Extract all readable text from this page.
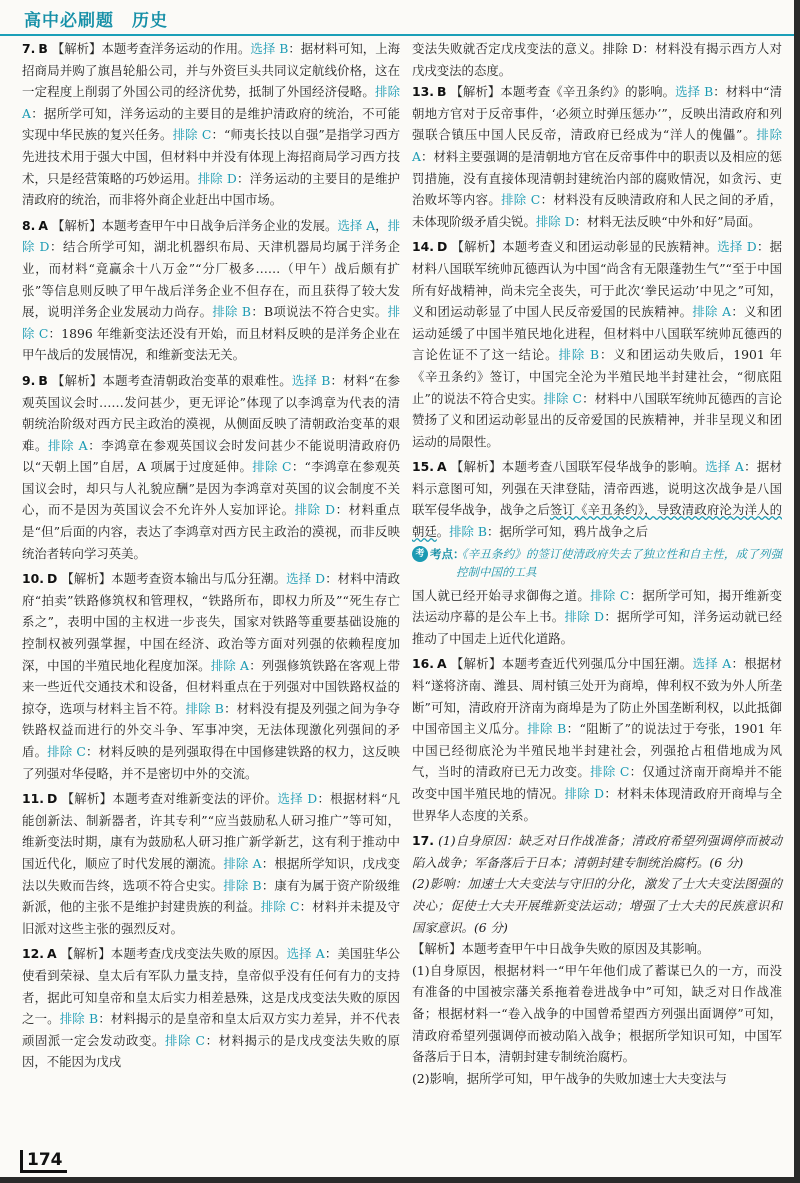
高中必刷题　历史
7. B 【解析】本题考查洋务运动的作用。选择 B：据材料可知，上海招商局并购了旗昌轮船公司，并与外资巨头共同议定航线价格，这在一定程度上削弱了外国公司的经济优势，抵制了外国经济侵略。排除 A：据所学可知，洋务运动的主要目的是维护清政府的统治，不可能实现中华民族的复兴任务。排除 C：“师夷长技以自强”是指学习西方先进技术用于强大中国，但材料中并没有体现上海招商局学习西方技术，只是经营策略的巧妙运用。排除 D：洋务运动的主要目的是维护清政府的统治，而非将外商企业赶出中国市场。
8. A 【解析】本题考查甲午中日战争后洋务企业的发展。选择 A，排除 D：结合所学可知，湖北机器织布局、天津机器局均属于洋务企业，而材料“竟赢余十八万金”“分厂极多……（甲午）战后颇有扩张”等信息则反映了甲午战后洋务企业不但存在，而且获得了较大发展，说明洋务企业发展动力尚存。排除 B：B项说法不符合史实。排除 C：1896 年维新变法还没有开始，而且材料反映的是洋务企业在甲午战后的发展情况，和维新变法无关。
9. B 【解析】本题考查清朝政治变革的艰难性。选择 B：材料“在参观英国议会时……发问甚少，更无评论”体现了以李鸿章为代表的清朝统治阶级对西方民主政治的漠视，从侧面反映了清朝政治变革的艰难。排除 A：李鸿章在参观英国议会时发问甚少不能说明清政府仍以“天朝上国”自居，A 项属于过度延伸。排除 C：“李鸿章在参观英国议会时，却只与人礼貌应酬”是因为李鸿章对英国的议会制度不关心，而不是因为英国议会不允许外人妄加评论。排除 D：材料重点是“但”后面的内容，表达了李鸿章对西方民主政治的漠视，而非反映统治者转向学习英美。
10. D 【解析】本题考查资本输出与瓜分狂潮。选择 D：材料中清政府“拍卖”铁路修筑权和管理权，“铁路所布，即权力所及”“死生存亡系之”，表明中国的主权进一步丧失，国家对铁路等重要基础设施的控制权被列强掌握，中国在经济、政治等方面对列强的依赖程度加深，中国的半殖民地化程度加深。排除 A：列强修筑铁路在客观上带来一些近代交通技术和设备，但材料重点在于列强对中国铁路权益的掠夺，选项与材料主旨不符。排除 B：材料没有提及列强之间为争夺铁路权益而进行的外交斗争、军事冲突，无法体现激化列强间的矛盾。排除 C：材料反映的是列强取得在中国修建铁路的权力，这反映了列强对华侵略，并不是密切中外的交流。
11. D 【解析】本题考查对维新变法的评价。选择 D：根据材料“凡能创新法、制新器者，许其专利”“应当鼓励私人研习推广”等可知，维新变法时期，康有为鼓励私人研习推广新学新艺，这有利于推动中国近代化，顺应了时代发展的潮流。排除 A：根据所学知识，戊戌变法以失败而告终，选项不符合史实。排除 B：康有为属于资产阶级维新派，他的主张不是维护封建贵族的利益。排除 C：材料并未提及守旧派对这些主张的强烈反对。
12. A 【解析】本题考查戊戌变法失败的原因。选择 A：美国驻华公使看到荣禄、皇太后有军队力量支持，皇帝似乎没有任何有力的支持者，据此可知皇帝和皇太后实力相差悬殊，这是戊戌变法失败的原因之一。排除 B：材料揭示的是皇帝和皇太后双方实力差异，并不代表顽固派一定会发动政变。排除 C：材料揭示的是戊戌变法失败的原因，不能因为戊戌

变法失败就否定戊戌变法的意义。排除 D：材料没有揭示西方人对戊戌变法的态度。

13. B 【解析】本题考查《辛丑条约》的影响。选择 B：材料中“清朝地方官对于反帝事件，‘必须立时弹压惩办’”，反映出清政府和列强联合镇压中国人民反帝，清政府已经成为“洋人的傀儡”。排除 A：材料主要强调的是清朝地方官在反帝事件中的职责以及相应的惩罚措施，没有直接体现清朝封建统治内部的腐败情况，如贪污、吏治败坏等内容。排除 C：材料没有反映清政府和人民之间的矛盾，未体现阶级矛盾尖锐。排除 D：材料无法反映“中外和好”局面。
14. D 【解析】本题考查义和团运动彰显的民族精神。选择 D：据材料八国联军统帅瓦德西认为中国“尚含有无限蓬勃生气”“至于中国所有好战精神，尚未完全丧失，可于此次‘拳民运动’中见之”可知，义和团运动彰显了中国人民反帝爱国的民族精神。排除 A：义和团运动延缓了中国半殖民地化进程，但材料中八国联军统帅瓦德西的言论佐证不了这一结论。排除 B：义和团运动失败后，1901 年《辛丑条约》签订，中国完全沦为半殖民地半封建社会，“彻底阻止”的说法不符合史实。排除 C：材料中八国联军统帅瓦德西的言论赞扬了义和团运动彰显出的反帝爱国的民族精神，并非呈现义和团运动的局限性。
15. A 【解析】本题考查八国联军侵华战争的影响。选择 A：据材料示意图可知，列强在天津登陆，清帝西逃，说明这次战争是八国联军侵华战争，战争之后签订《辛丑条约》，导致清政府沦为洋人的朝廷。排除 B：据所学可知，鸦片战争之后
考 考点：
《辛丑条约》的签订使清政府失去了独立性和自主性，成了列强控制中国的工具
国人就已经开始寻求御侮之道。排除 C：据所学可知，揭开维新变法运动序幕的是公车上书。排除 D：据所学可知，洋务运动就已经推动了中国走上近代化道路。
16. A 【解析】本题考查近代列强瓜分中国狂潮。选择 A：根据材料“遂将济南、潍县、周村镇三处开为商埠，俾利权不致为外人所垄断”可知，清政府开济南为商埠是为了防止外国垄断利权，以此抵御中国帝国主义瓜分。排除 B：“阻断了”的说法过于夸张，1901 年中国已经彻底沦为半殖民地半封建社会，列强抢占租借地成为风气，当时的清政府已无力改变。排除 C：仅通过济南开商埠并不能改变中国半殖民地的情况。排除 D：材料未体现清政府开商埠与全世界华人态度的关系。
17. (1)自身原因：缺乏对日作战准备；清政府希望列强调停而被动陷入战争；军备落后于日本；清朝封建专制统治腐朽。(6 分)

(2)影响：加速士大夫变法与守旧的分化，激发了士大夫变法图强的决心；促使士大夫开展维新变法运动；增强了士大夫的民族意识和国家意识。(6 分)

【解析】本题考查甲午中日战争失败的原因及其影响。

(1)自身原因，根据材料一“甲午年他们成了蓄谋已久的一方，而没有准备的中国被宗藩关系拖着卷进战争中”可知，缺乏对日作战准备；根据材料一“卷入战争的中国曾希望西方列强出面调停”可知，清政府希望列强调停而被动陷入战争；根据所学知识可知，中国军备落后于日本，清朝封建专制统治腐朽。

(2)影响，据所学可知，甲午战争的失败加速士大夫变法与

174
